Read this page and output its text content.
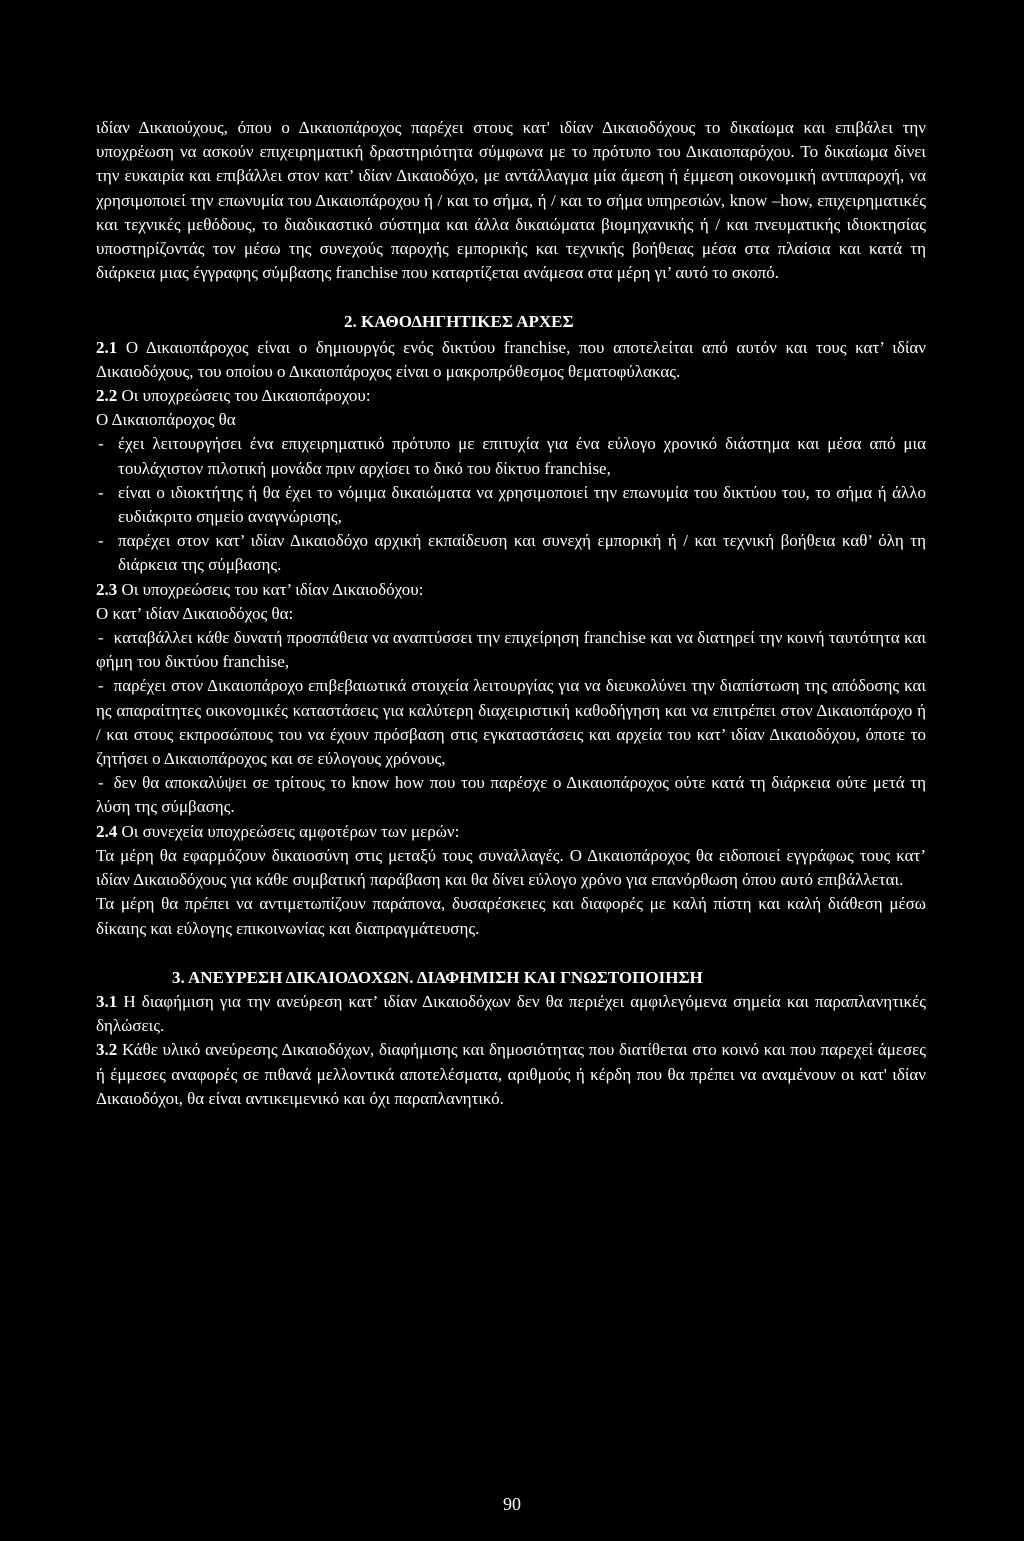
ιδίαν Δικαιούχους, όπου ο Δικαιοπάροχος παρέχει στους κατ' ιδίαν Δικαιοδόχους το δικαίωμα και επιβάλει την υποχρέωση να ασκούν επιχειρηματική δραστηριότητα σύμφωνα με το πρότυπο του Δικαιοπαρόχου. Το δικαίωμα δίνει την ευκαιρία και επιβάλλει στον κατ’ ιδίαν Δικαιοδόχο, με αντάλλαγμα μία άμεση ή έμμεση οικονομική αντιπαροχή, να χρησιμοποιεί την επωνυμία του Δικαιοπάροχου ή / και το σήμα, ή / και το σήμα υπηρεσιών, know –how, επιχειρηματικές και τεχνικές μεθόδους, το διαδικαστικό σύστημα και άλλα δικαιώματα βιομηχανικής ή / και πνευματικής ιδιοκτησίας υποστηρίζοντάς τον μέσω της συνεχούς παροχής εμπορικής και τεχνικής βοήθειας μέσα στα πλαίσια και κατά τη διάρκεια μιας έγγραφης σύμβασης franchise που καταρτίζεται ανάμεσα στα μέρη γι’ αυτό το σκοπό.

2. ΚΑΘΟΔΗΓΗΤΙΚΕΣ ΑΡΧΕΣ

2.1 Ο Δικαιοπάροχος είναι ο δημιουργός ενός δικτύου franchise, που αποτελείται από αυτόν και τους κατ’ ιδίαν Δικαιοδόχους, του οποίου ο Δικαιοπάροχος είναι ο μακροπρόθεσμος θεματοφύλακας.

2.2 Οι υποχρεώσεις του Δικαιοπάροχου:

Ο Δικαιοπάροχος θα

- έχει λειτουργήσει ένα επιχειρηματικό πρότυπο με επιτυχία για ένα εύλογο χρονικό διάστημα και μέσα από μια τουλάχιστον πιλοτική μονάδα πριν αρχίσει το δικό του δίκτυο franchise,
- είναι ο ιδιοκτήτης ή θα έχει το νόμιμα δικαιώματα να χρησιμοποιεί την επωνυμία του δικτύου του, το σήμα ή άλλο ευδιάκριτο σημείο αναγνώρισης,
- παρέχει στον κατ’ ιδίαν Δικαιοδόχο αρχική εκπαίδευση και συνεχή εμπορική ή / και τεχνική βοήθεια καθ’ όλη τη διάρκεια της σύμβασης.

2.3 Οι υποχρεώσεις του κατ’ ιδίαν Δικαιοδόχου:

Ο κατ’ ιδίαν Δικαιοδόχος θα:

- καταβάλλει κάθε δυνατή προσπάθεια να αναπτύσσει την επιχείρηση franchise και να διατηρεί την κοινή ταυτότητα και φήμη του δικτύου franchise,

- παρέχει στον Δικαιοπάροχο επιβεβαιωτικά στοιχεία λειτουργίας για να διευκολύνει την διαπίστωση της απόδοσης και ης απαραίτητες οικονομικές καταστάσεις για καλύτερη διαχειριστική καθοδήγηση και να επιτρέπει στον Δικαιοπάροχο ή / και στους εκπροσώπους του να έχουν πρόσβαση στις εγκαταστάσεις και αρχεία του κατ’ ιδίαν Δικαιοδόχου, όποτε το ζητήσει ο Δικαιοπάροχος και σε εύλογους χρόνους,

- δεν θα αποκαλύψει σε τρίτους το know how που του παρέσχε ο Δικαιοπάροχος ούτε κατά τη διάρκεια ούτε μετά τη λύση της σύμβασης.

2.4 Οι συνεχεία υποχρεώσεις αμφοτέρων των μερών:

Τα μέρη θα εφαρμόζουν δικαιοσύνη στις μεταξύ τους συναλλαγές. Ο Δικαιοπάροχος θα ειδοποιεί εγγράφως τους κατ’ ιδίαν Δικαιοδόχους για κάθε συμβατική παράβαση και θα δίνει εύλογο χρόνο για επανόρθωση όπου αυτό επιβάλλεται.

Τα μέρη θα πρέπει να αντιμετωπίζουν παράπονα, δυσαρέσκειες και διαφορές με καλή πίστη και καλή διάθεση μέσω δίκαιης και εύλογης επικοινωνίας και διαπραγμάτευσης.

3. ΑΝΕΥΡΕΣΗ ΔΙΚΑΙΟΔΟΧΩΝ. ΔΙΑΦΗΜΙΣΗ ΚΑΙ ΓΝΩΣΤΟΠΟΙΗΣΗ

3.1 Η διαφήμιση για την ανεύρεση κατ’ ιδίαν Δικαιοδόχων δεν θα περιέχει αμφιλεγόμενα σημεία και παραπλανητικές δηλώσεις.

3.2 Κάθε υλικό ανεύρεσης Δικαιοδόχων, διαφήμισης και δημοσιότητας που διατίθεται στο κοινό και που παρεχεί άμεσες ή έμμεσες αναφορές σε πιθανά μελλοντικά αποτελέσματα, αριθμούς ή κέρδη που θα πρέπει να αναμένουν οι κατ' ιδίαν Δικαιοδόχοι, θα είναι αντικειμενικό και όχι παραπλανητικό.

90
